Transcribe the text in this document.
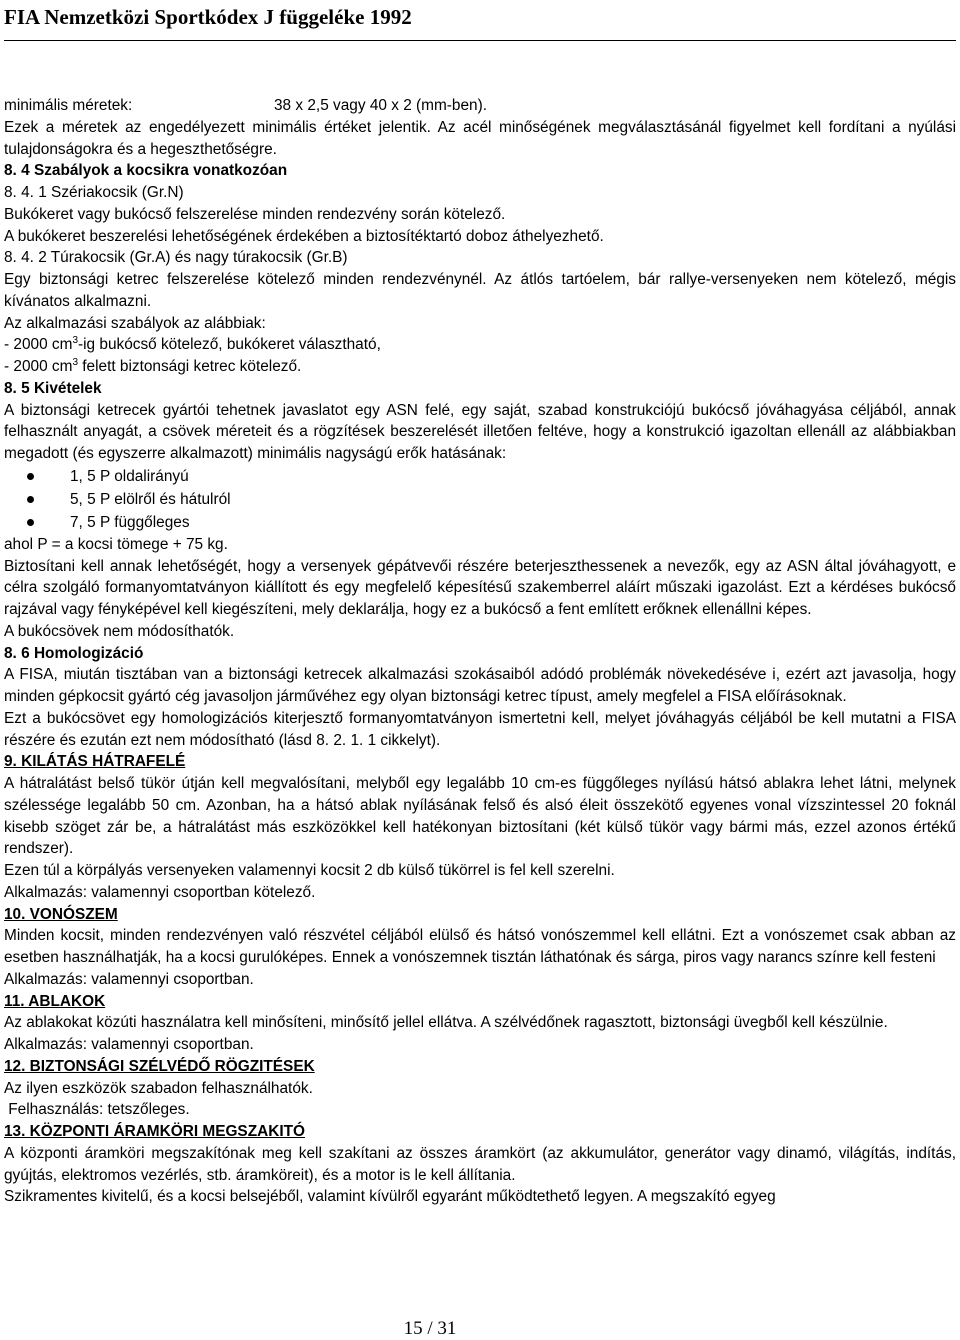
FIA Nemzetközi Sportkódex J függeléke 1992
minimális méretek:	38 x 2,5 vagy 40 x 2 (mm-ben).

Ezek a méretek az engedélyezett minimális értéket jelentik. Az acél minőségének megválasztásánál figyelmet kell fordítani a nyúlási tulajdonságokra és a hegeszthetőségre.

8. 4 Szabályok a kocsikra vonatkozóan

8. 4. 1 Szériakocsik (Gr.N)

Bukókeret vagy bukócső felszerelése minden rendezvény során kötelező.

A bukókeret beszerelési lehetőségének érdekében a biztosítéktartó doboz áthelyezhető.

8. 4. 2 Túrakocsik (Gr.A) és nagy túrakocsik (Gr.B)

Egy biztonsági ketrec felszerelése kötelező minden rendezvénynél. Az átlós tartóelem, bár rallye-versenyeken nem kötelező, mégis kívánatos alkalmazni.

Az alkalmazási szabályok az alábbiak:

- 2000 $cm^3-ig$ bukócső kötelező, bukókeret választható,

- 2000 $cm^3$ felett biztonsági ketrec kötelező.

8. 5 Kivételek

A biztonsági ketrecek gyártói tehetnek javaslatot egy ASN felé, egy saját, szabad konstrukciójú bukócső jóváhagyása céljából, annak felhasznált anyagát, a csövek méreteit és a rögzítések beszerelését illetően feltéve, hogy a konstrukció igazoltan ellenáll az alábbiakban megadott (és egyszerre alkalmazott) minimális nagyságú erők hatásának:

1, 5 P oldalirányú
5, 5 P elölről és hátulról
7, 5 P függőleges

ahol P = a kocsi tömege + 75 kg.

Biztosítani kell annak lehetőségét, hogy a versenyek gépátvevői részére beterjeszthessenek a nevezők, egy az ASN által jóváhagyott, e célra szolgáló formanyomtatványon kiállított és egy megfelelő képesítésű szakemberrel aláírt műszaki igazolást. Ezt a kérdéses bukócső rajzával vagy fényképével kell kiegészíteni, mely deklarálja, hogy ez a bukócső a fent említett erőknek ellenállni képes.

A bukócsövek nem módosíthatók.

8. 6 Homologizáció

A FISA, miután tisztában van a biztonsági ketrecek alkalmazási szokásaiból adódó problémák növekedéséve i, ezért azt javasolja, hogy minden gépkocsit gyártó cég javasoljon járművéhez egy olyan biztonsági ketrec típust, amely megfelel a FISA előírásoknak.

Ezt a bukócsövet egy homologizációs kiterjesztő formanyomtatványon ismertetni kell, melyet jóváhagyás céljából be kell mutatni a FISA részére és ezután ezt nem módosítható (lásd 8. 2. 1. 1 cikkelyt).

9. KILÁTÁS HÁTRAFELÉ

A hátralátást belső tükör útján kell megvalósítani, melyből egy legalább 10 cm-es függőleges nyílású hátsó ablakra lehet látni, melynek szélessége legalább 50 cm. Azonban, ha a hátsó ablak nyílásának felső és alsó éleit összekötő egyenes vonal vízszintessel 20 foknál kisebb szöget zár be, a hátralátást más eszközökkel kell hatékonyan biztosítani (két külső tükör vagy bármi más, ezzel azonos értékű rendszer).

Ezen túl a körpályás versenyeken valamennyi kocsit 2 db külső tükörrel is fel kell szerelni.

Alkalmazás: valamennyi csoportban kötelező.

10. VONÓSZEM

Minden kocsit, minden rendezvényen való részvétel céljából elülső és hátsó vonószemmel kell ellátni. Ezt a vonószemet csak abban az esetben használhatják, ha a kocsi gurulóképes. Ennek a vonószemnek tisztán láthatónak és sárga, piros vagy narancs színre kell festeni

Alkalmazás: valamennyi csoportban.

11. ABLAKOK

Az ablakokat közúti használatra kell minősíteni, minősítő jellel ellátva. A szélvédőnek ragasztott, biztonsági üvegből kell készülnie.

Alkalmazás: valamennyi csoportban.

12. BIZTONSÁGI SZÉLVÉDŐ RÖGZITÉSEK

Az ilyen eszközök szabadon felhasználhatók.

Felhasználás: tetszőleges.

13. KÖZPONTI ÁRAMKÖRI MEGSZAKITÓ

A központi áramköri megszakítónak meg kell szakítani az összes áramkört (az akkumulátor, generátor vagy dinamó, világítás, indítás, gyújtás, elektromos vezérlés, stb. áramköreit), és a motor is le kell állítania.

Szikramentes kivitelű, és a kocsi belsejéből, valamint kívülről egyaránt működtethető legyen. A megszakító egyeg

15 / 31
